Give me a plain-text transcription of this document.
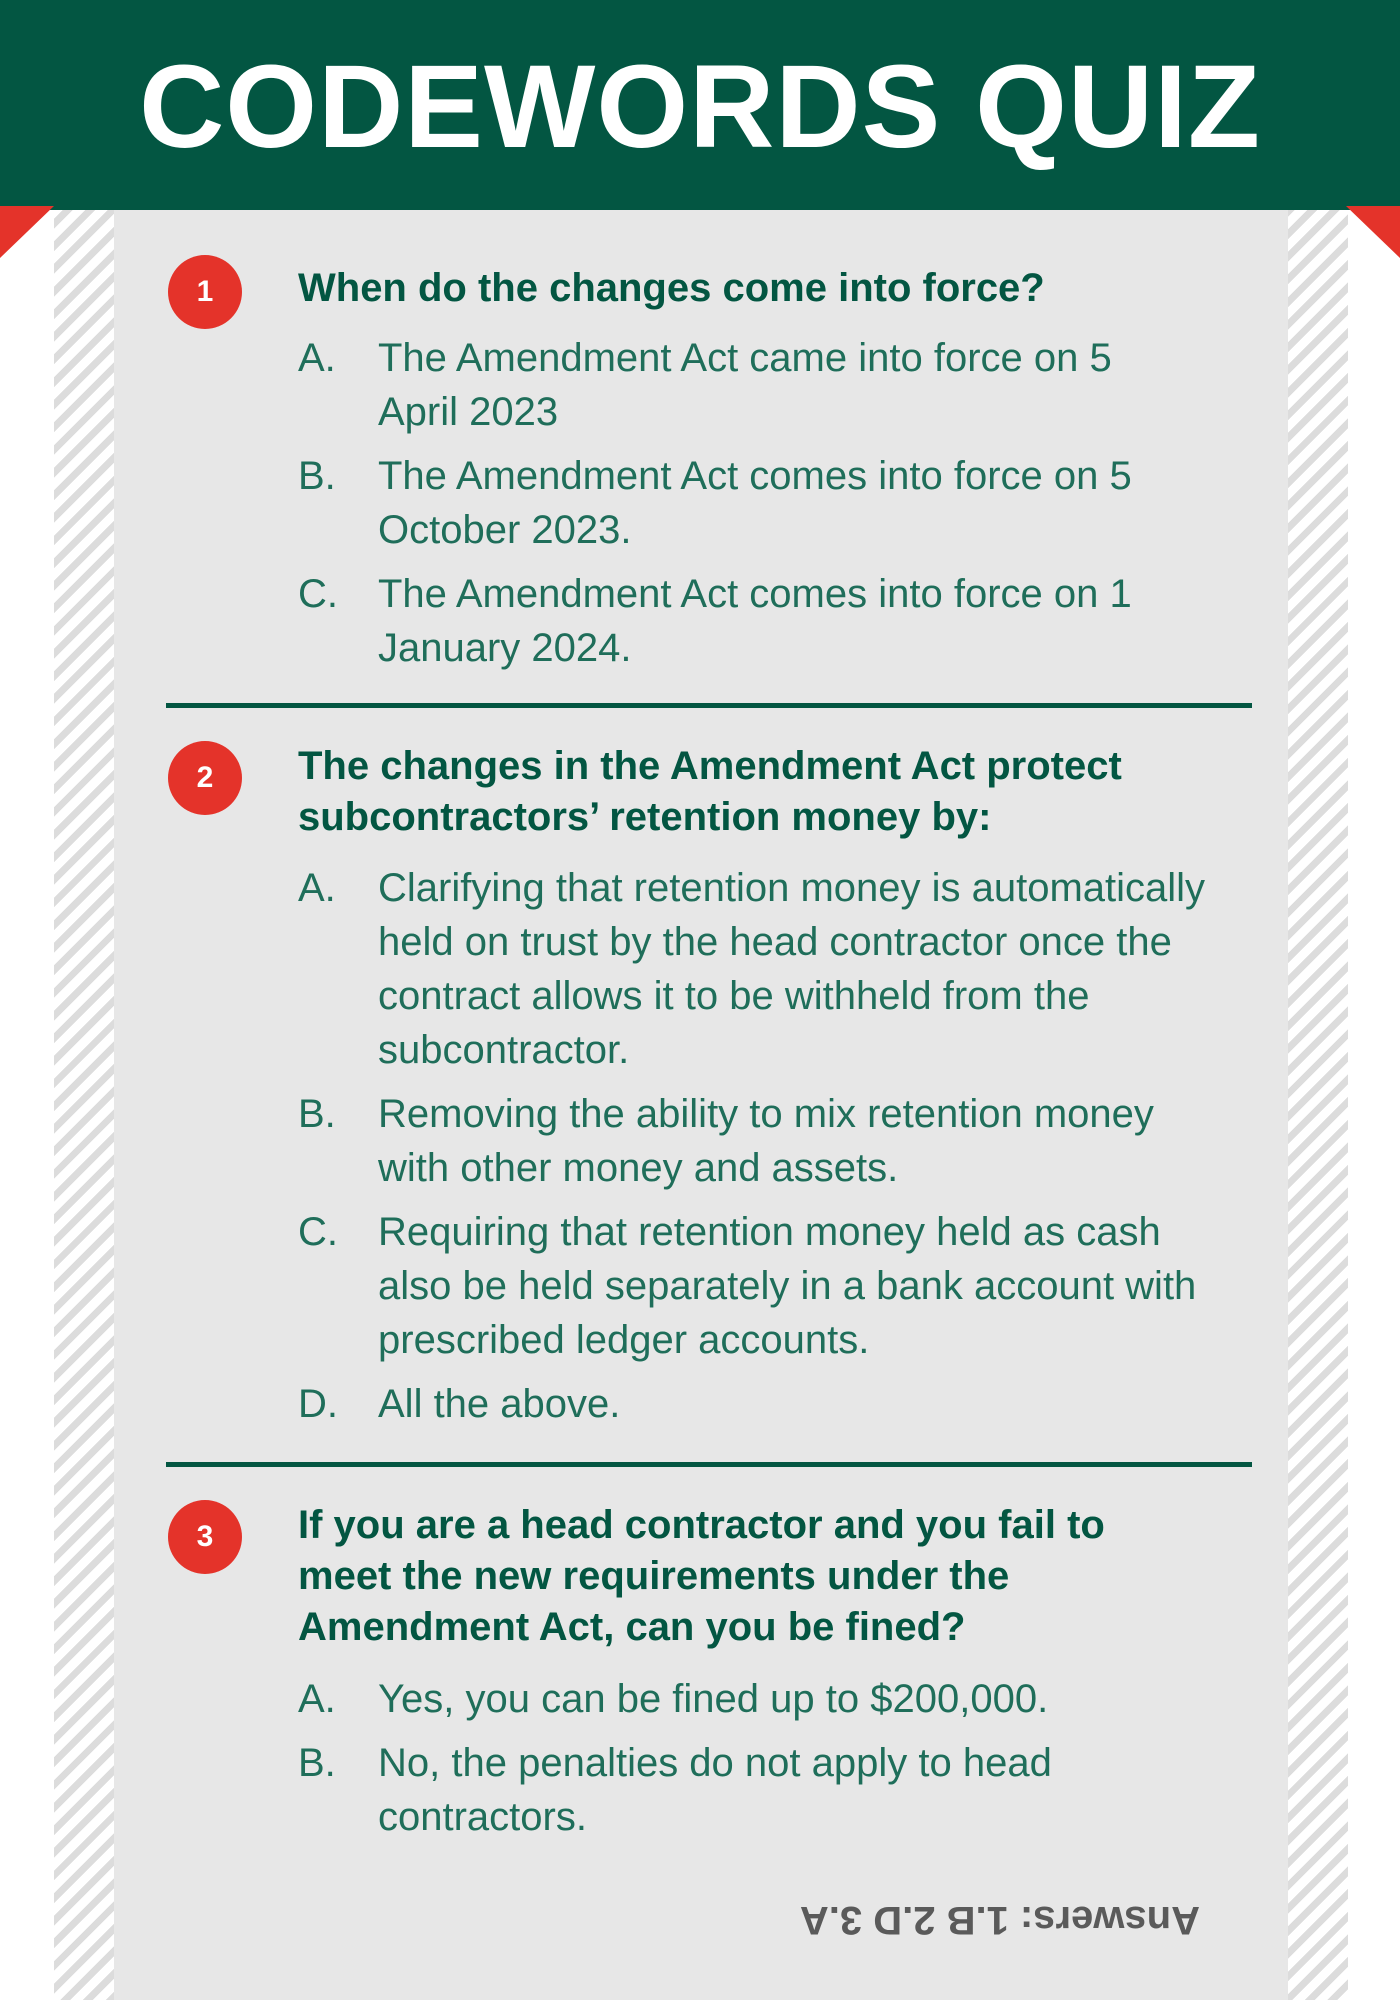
CODEWORDS QUIZ
1	When do the changes come into force?
A.	The Amendment Act came into force on 5 April 2023
B.	The Amendment Act comes into force on 5 October 2023.
C.	The Amendment Act comes into force on 1 January 2024.
2	The changes in the Amendment Act protect subcontractors’ retention money by:
A.	Clarifying that retention money is automatically held on trust by the head contractor once the contract allows it to be withheld from the subcontractor.
B.	Removing the ability to mix retention money with other money and assets.
C.	Requiring that retention money held as cash also be held separately in a bank account with prescribed ledger accounts.
D.	All the above.
3	If you are a head contractor and you fail to meet the new requirements under the Amendment Act, can you be fined?
A.	Yes, you can be fined up to $200,000.
B.	No, the penalties do not apply to head contractors.
Answers: 1.B 2.D 3.A
